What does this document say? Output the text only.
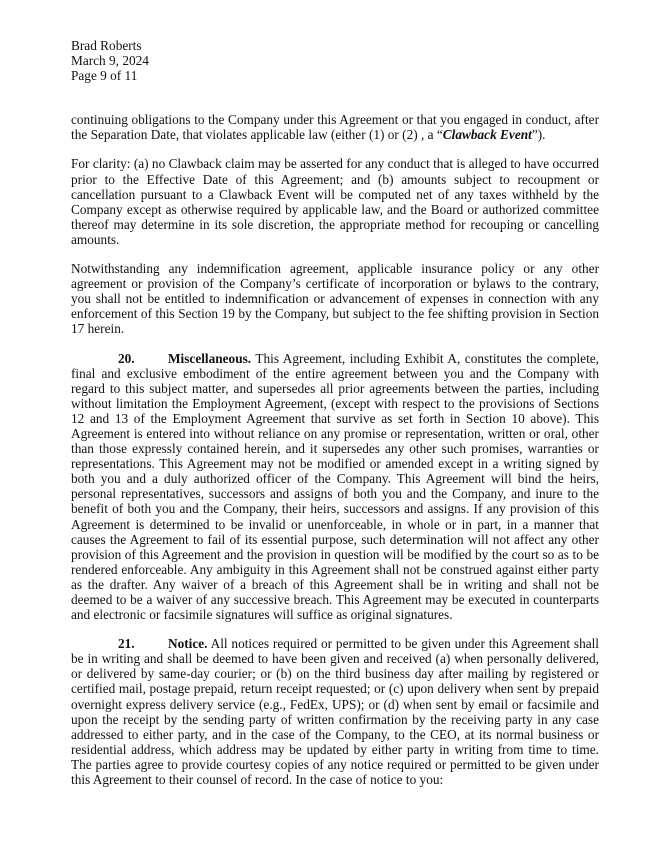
Brad Roberts
March 9, 2024
Page 9 of 11

continuing obligations to the Company under this Agreement or that you engaged in conduct, after the Separation Date, that violates applicable law (either (1) or (2) , a “Clawback Event”).

For clarity: (a) no Clawback claim may be asserted for any conduct that is alleged to have occurred prior to the Effective Date of this Agreement; and (b) amounts subject to recoupment or cancellation pursuant to a Clawback Event will be computed net of any taxes withheld by the Company except as otherwise required by applicable law, and the Board or authorized committee thereof may determine in its sole discretion, the appropriate method for recouping or cancelling amounts.

Notwithstanding any indemnification agreement, applicable insurance policy or any other agreement or provision of the Company’s certificate of incorporation or bylaws to the contrary, you shall not be entitled to indemnification or advancement of expenses in connection with any enforcement of this Section 19 by the Company, but subject to the fee shifting provision in Section 17 herein.

20.	Miscellaneous. This Agreement, including Exhibit A, constitutes the complete, final and exclusive embodiment of the entire agreement between you and the Company with regard to this subject matter, and supersedes all prior agreements between the parties, including without limitation the Employment Agreement, (except with respect to the provisions of Sections 12 and 13 of the Employment Agreement that survive as set forth in Section 10 above). This Agreement is entered into without reliance on any promise or representation, written or oral, other than those expressly contained herein, and it supersedes any other such promises, warranties or representations. This Agreement may not be modified or amended except in a writing signed by both you and a duly authorized officer of the Company. This Agreement will bind the heirs, personal representatives, successors and assigns of both you and the Company, and inure to the benefit of both you and the Company, their heirs, successors and assigns. If any provision of this Agreement is determined to be invalid or unenforceable, in whole or in part, in a manner that causes the Agreement to fail of its essential purpose, such determination will not affect any other provision of this Agreement and the provision in question will be modified by the court so as to be rendered enforceable. Any ambiguity in this Agreement shall not be construed against either party as the drafter. Any waiver of a breach of this Agreement shall be in writing and shall not be deemed to be a waiver of any successive breach. This Agreement may be executed in counterparts and electronic or facsimile signatures will suffice as original signatures.

21.	Notice. All notices required or permitted to be given under this Agreement shall be in writing and shall be deemed to have been given and received (a) when personally delivered, or delivered by same-day courier; or (b) on the third business day after mailing by registered or certified mail, postage prepaid, return receipt requested; or (c) upon delivery when sent by prepaid overnight express delivery service (e.g., FedEx, UPS); or (d) when sent by email or facsimile and upon the receipt by the sending party of written confirmation by the receiving party in any case addressed to either party, and in the case of the Company, to the CEO, at its normal business or residential address, which address may be updated by either party in writing from time to time. The parties agree to provide courtesy copies of any notice required or permitted to be given under this Agreement to their counsel of record. In the case of notice to you:
